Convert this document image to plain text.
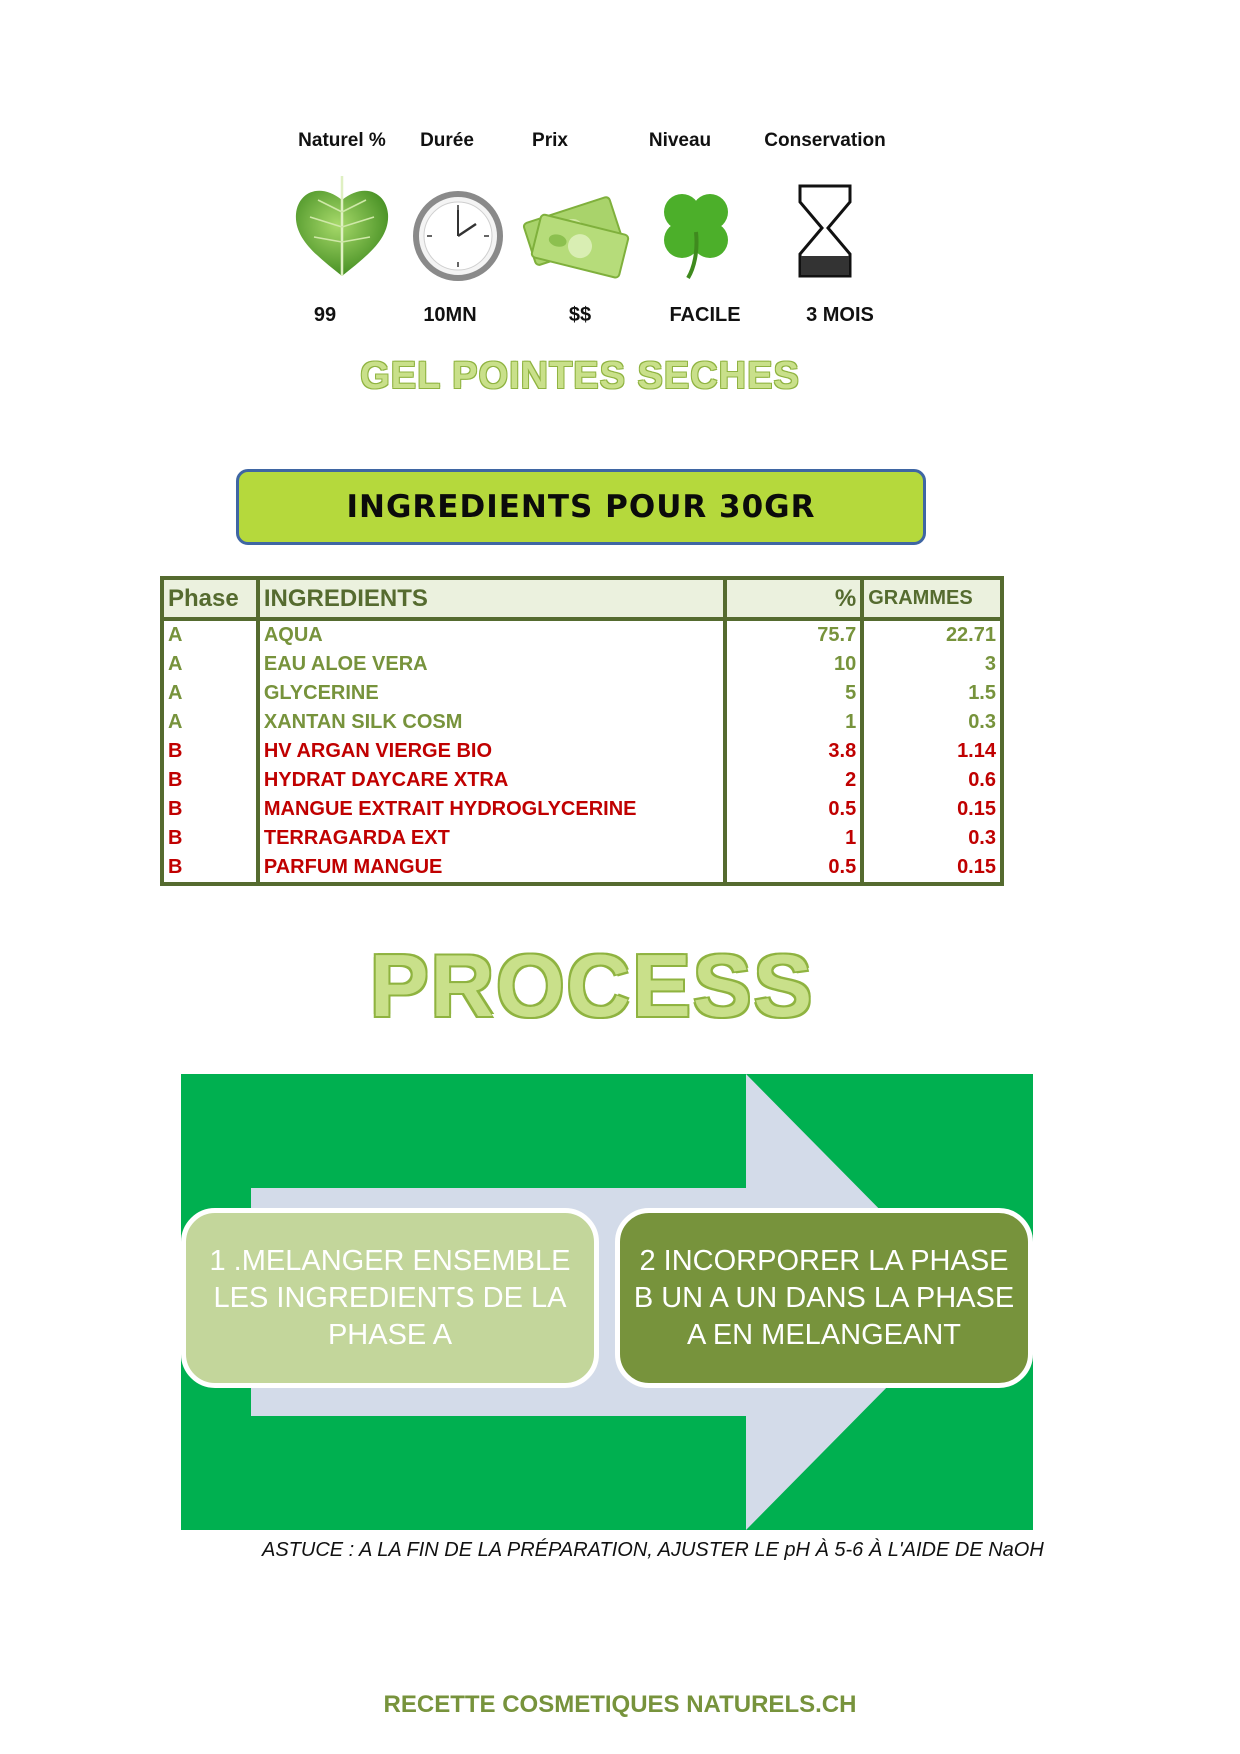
Naturel %	Durée	Prix	Niveau	Conservation
99	10MN	$$	FACILE	3 MOIS
GEL POINTES SECHES
INGREDIENTS POUR 30GR
Phase	INGREDIENTS	%	GRAMMES
A	AQUA	75.7	22.71
A	EAU ALOE VERA	10	3
A	GLYCERINE	5	1.5
A	XANTAN SILK COSM	1	0.3
B	HV ARGAN VIERGE BIO	3.8	1.14
B	HYDRAT DAYCARE XTRA	2	0.6
B	MANGUE EXTRAIT HYDROGLYCERINE	0.5	0.15
B	TERRAGARDA EXT	1	0.3
B	PARFUM MANGUE	0.5	0.15
PROCESS
1 .MELANGER ENSEMBLE LES INGREDIENTS DE LA PHASE A
2 INCORPORER LA PHASE B UN A UN DANS LA PHASE A EN MELANGEANT
ASTUCE : A LA FIN DE LA PRÉPARATION, AJUSTER LE pH À 5-6 À L'AIDE DE NaOH
RECETTE COSMETIQUES NATURELS.CH
